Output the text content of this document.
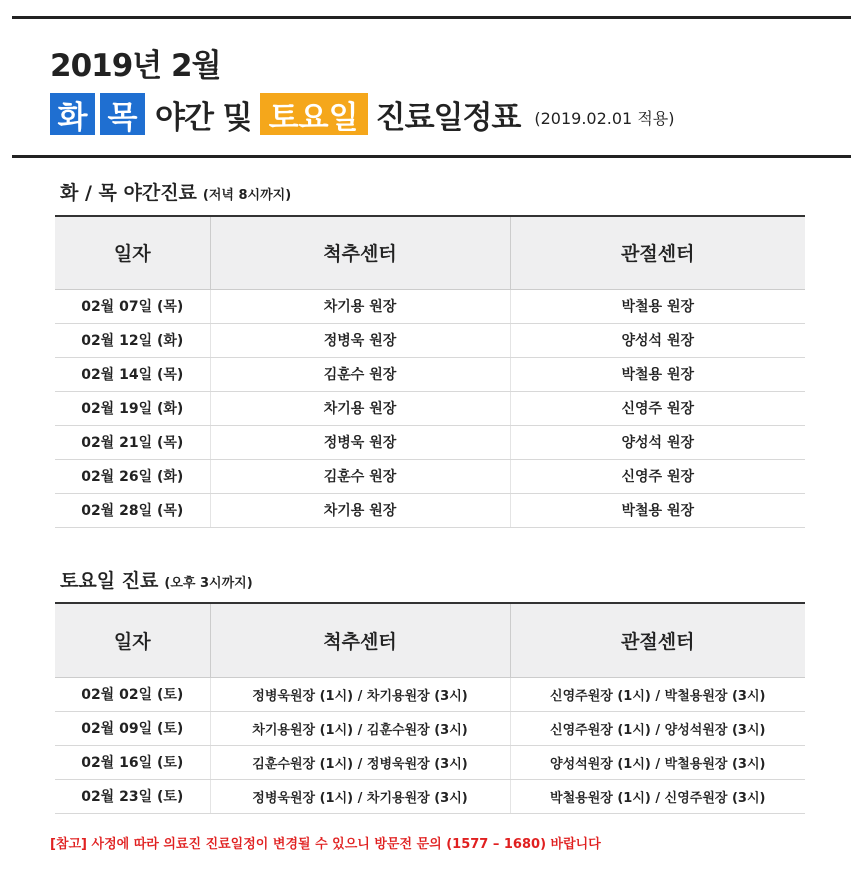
2019년 2월
화 목 야간 및 토요일 진료일정표 (2019.02.01 적용)
화 / 목 야간진료 (저녁 8시까지)
일자	척추센터	관절센터
02월 07일 (목)	차기용 원장	박철용 원장
02월 12일 (화)	정병욱 원장	양성석 원장
02월 14일 (목)	김훈수 원장	박철용 원장
02월 19일 (화)	차기용 원장	신영주 원장
02월 21일 (목)	정병욱 원장	양성석 원장
02월 26일 (화)	김훈수 원장	신영주 원장
02월 28일 (목)	차기용 원장	박철용 원장
토요일 진료 (오후 3시까지)
일자	척추센터	관절센터
02월 02일 (토)	정병욱원장 (1시) / 차기용원장 (3시)	신영주원장 (1시) / 박철용원장 (3시)
02월 09일 (토)	차기용원장 (1시) / 김훈수원장 (3시)	신영주원장 (1시) / 양성석원장 (3시)
02월 16일 (토)	김훈수원장 (1시) / 정병욱원장 (3시)	양성석원장 (1시) / 박철용원장 (3시)
02월 23일 (토)	정병욱원장 (1시) / 차기용원장 (3시)	박철용원장 (1시) / 신영주원장 (3시)
[참고] 사정에 따라 의료진 진료일정이 변경될 수 있으니 방문전 문의 (1577 – 1680) 바랍니다
